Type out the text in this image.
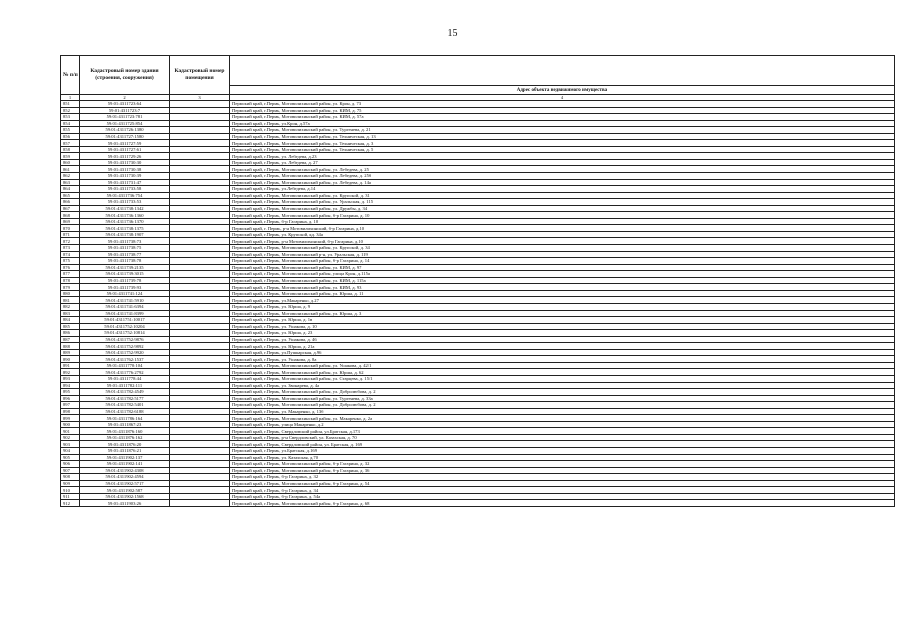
15
№ п/п	Кадастровый номер здания (строения, сооружения)	Кадастровый номер помещения	
			Адрес объекта недвижимого имущества
1	2	3	4
851	59:01:4311723:64		Пермский край, г.Пермь, Мотовилихинский район, ул. Крон, д. 73
852	59:01:4311723:7		Пермский край, г.Пермь, Мотовилихинский район, ул. КИМ, д. 75
853	59:01:4311723:781		Пермский край, г.Пермь, Мотовилихинский район, ул. КИМ, д. 57а
854	59:01:4311725:854		Пермский край, г.Пермь, ул.Крон, д.57а
855	59:01:4311726:1380		Пермский край, г.Пермь, Мотовилихинский район, ул. Тургенева, д. 21
856	59:01:4311727:1580		Пермский край, г.Пермь, Мотовилихинский район, ул. Техническая, д. 13
857	59:01:4311727:59		Пермский край, г.Пермь, Мотовилихинский район, ул. Техническая, д. 3
858	59:01:4311727:61		Пермский край, г.Пермь, Мотовилихинский район, ул. Техническая, д. 5
859	59:01:4311729:26		Пермский край, г.Пермь, ул. Лебедева, д.23
860	59:01:4311730:30		Пермский край, г.Пермь, ул. Лебедева, д. 27
861	59:01:4311730:38		Пермский край, г.Пермь, Мотовилихинский район, ул. Лебедева, д. 25
862	59:01:4311730:39		Пермский край, г.Пермь, Мотовилихинский район, ул. Лебедева, д. 25б
863	59:01:4311731:47		Пермский край, г.Пермь, Мотовилихинский район, ул. Лебедева, д. 14а
864	59:01:4311733:58		Пермский край, г.Пермь, ул.Лебедева, д.14
865	59:01:4311736:754		Пермский край, г.Пермь, Мотовилихинский район, ул. Крупской, д. 31
866	59:01:4311733:53		Пермский край, г.Пермь, Мотовилихинский район, ул. Уральская, д. 115
867	59:01:4311738:1342		Пермский край, г.Пермь, Мотовилихинский район, ул. Дружбы, д. 34
868	59:01:4311736:1360		Пермский край, г.Пермь, Мотовилихинский район, б-р Гагарина, д. 10
869	59:01:4311736:1370		Пермский край, г.Пермь, б-р Гагарина, д. 10
870	59:01:4311738:1375		Пермский край, г. Пермь, р-н Мотовилихинский, б-р Гагарина, д.10
871	59:01:4311738:1907		Пермский край, г.Пермь, ул. Крупской, кд. 34а
872	59:01:4311738:73		Пермский край, г.Пермь, р-н Мотовилихинский, б-р Гагарина, д.10
873	59:01:4311738:75		Пермский край, г.Пермь, Мотовилихинский район, ул. Крупской, д. 34
874	59:01:4311738:77		Пермский край, г.Пермь, Мотовилихинский р-н, ул. Уральская, д. 119
875	59:01:4311738:78		Пермский край, г.Пермь, Мотовилихинский район, б-р Гагарина, д. 14
876	59:01:4311739:2135		Пермский край, г.Пермь, Мотовилихинский район, ул. КИМ, д. 97
877	59:01:4311739:3015		Пермский край, г.Пермь, Мотовилихинский район, улица Крон, д.115а
878	59:01:4311739:78		Пермский край, г.Пермь, Мотовилихинский район, ул. КИМ, д. 115а
879	59:01:4311739:93		Пермский край, г.Пермь, Мотовилихинский район, ул. КИМ, д. 93
880	59:01:4311741:124		Пермский край, г.Пермь, Мотовилихинский район, ул. Юрша, д. 11
881	59:01:4311741:5910		Пермский край, г.Пермь, ул.Макаренко, д.27
882	59:01:4311741:6394		Пермский край, г.Пермь, ул. Юрша, д. 9
883	59:01:4311741:8399		Пермский край, г.Пермь, Мотовилихинский район, ул. Юрша, д. 3
884	59:01:4311751:10017		Пермский край, г.Пермь, ул. Юрша, д. 1в
885	59:01:4311752:10204		Пермский край, г.Пермь, ул. Ушакова, д. 10
886	59:01:4311752:10814		Пермский край, г.Пермь, ул. Юрша, д. 23
887	59:01:4311752:9876		Пермский край, г.Пермь, ул. Ушакова, д. 46
888	59:01:4311752:9892		Пермский край, г.Пермь, ул. Юрша, д. 21а
889	59:01:4311752:9920		Пермский край, г.Пермь, ул.Пушкарская, д.96
890	59:01:4311762:1537		Пермский край, г.Пермь, ул. Ушакова, д. 8а
891	59:01:4311770:104		Пермский край, г.Пермь, Мотовилихинский район, ул. Ушакова, д. 42/1
892	59:01:4311776:2792		Пермский край, г.Пермь, Мотовилихинский район, ул. Юрша, д. 62
893	59:01:4311778:44		Пермский край, г.Пермь, Мотовилихинский район, ул. Старцева, д. 15/1
894	59:01:4311782:111		Пермский край, г.Пермь, ул. Звонарева, д. 4а
895	59:01:4311782:4549		Пермский край, г.Пермь, Мотовилихинский район, ул. Добролюбова, д. 2
896	59:01:4311782:5177		Пермский край, г.Пермь, Мотовилихинский район, ул. Тургенева, д. 33а
897	59:01:4311782:5401		Пермский край, г.Пермь, Мотовилихинский район, ул. Добролюбова, д. 2
898	59:01:4311782:6188		Пермский край, г.Пермь, ул. Макаренко, д. 13б
899	59:01:4311786:164		Пермский край, г.Пермь, Мотовилихинский район, ул. Макаренко, д. 2а
900	59:01:4311867:23		Пермский край, г.Пермь, улица Макаренко, д.2
901	59:01:4311876:160		Пермский край, г.Пермь, Свердловский район, ул.Братская, д.173
902	59:01:4311876:162		Пермский край, г.Пермь, р-н Свердловский, ул. Казахская, д. 70
903	59:01:4311876:20		Пермский край, г.Пермь, Свердловский район, ул. Братская, д. 169
904	59:01:4311876:21		Пермский край, г.Пермь, ул.Братская, д.169
905	59:01:4311902:137		Пермский край, г.Пермь, ул. Казахская, д.70
906	59:01:4311902:141		Пермский край, г.Пермь, Мотовилихинский район, б-р Гагарина, д. 32
907	59:01:4311902:4308		Пермский край, г.Пермь, Мотовилихинский район, б-р Гагарина, д. 36
908	59:01:4311902:4594		Пермский край, г.Пермь, б-р Гагарина, д. 32
909	59:01:4311902:5717		Пермский край, г.Пермь, Мотовилихинский район, б-р Гагарина, д. 54
910	59:01:4311902:587		Пермский край, г.Пермь, б-р Гагарина, д. 34
911	59:01:4311902:1568		Пермский край, г.Пермь, б-р Гагарина, д. 54а
912	59:01:4311903:26		Пермский край, г.Пермь, Мотовилихинский район, б-р Гагарина, д. 68
